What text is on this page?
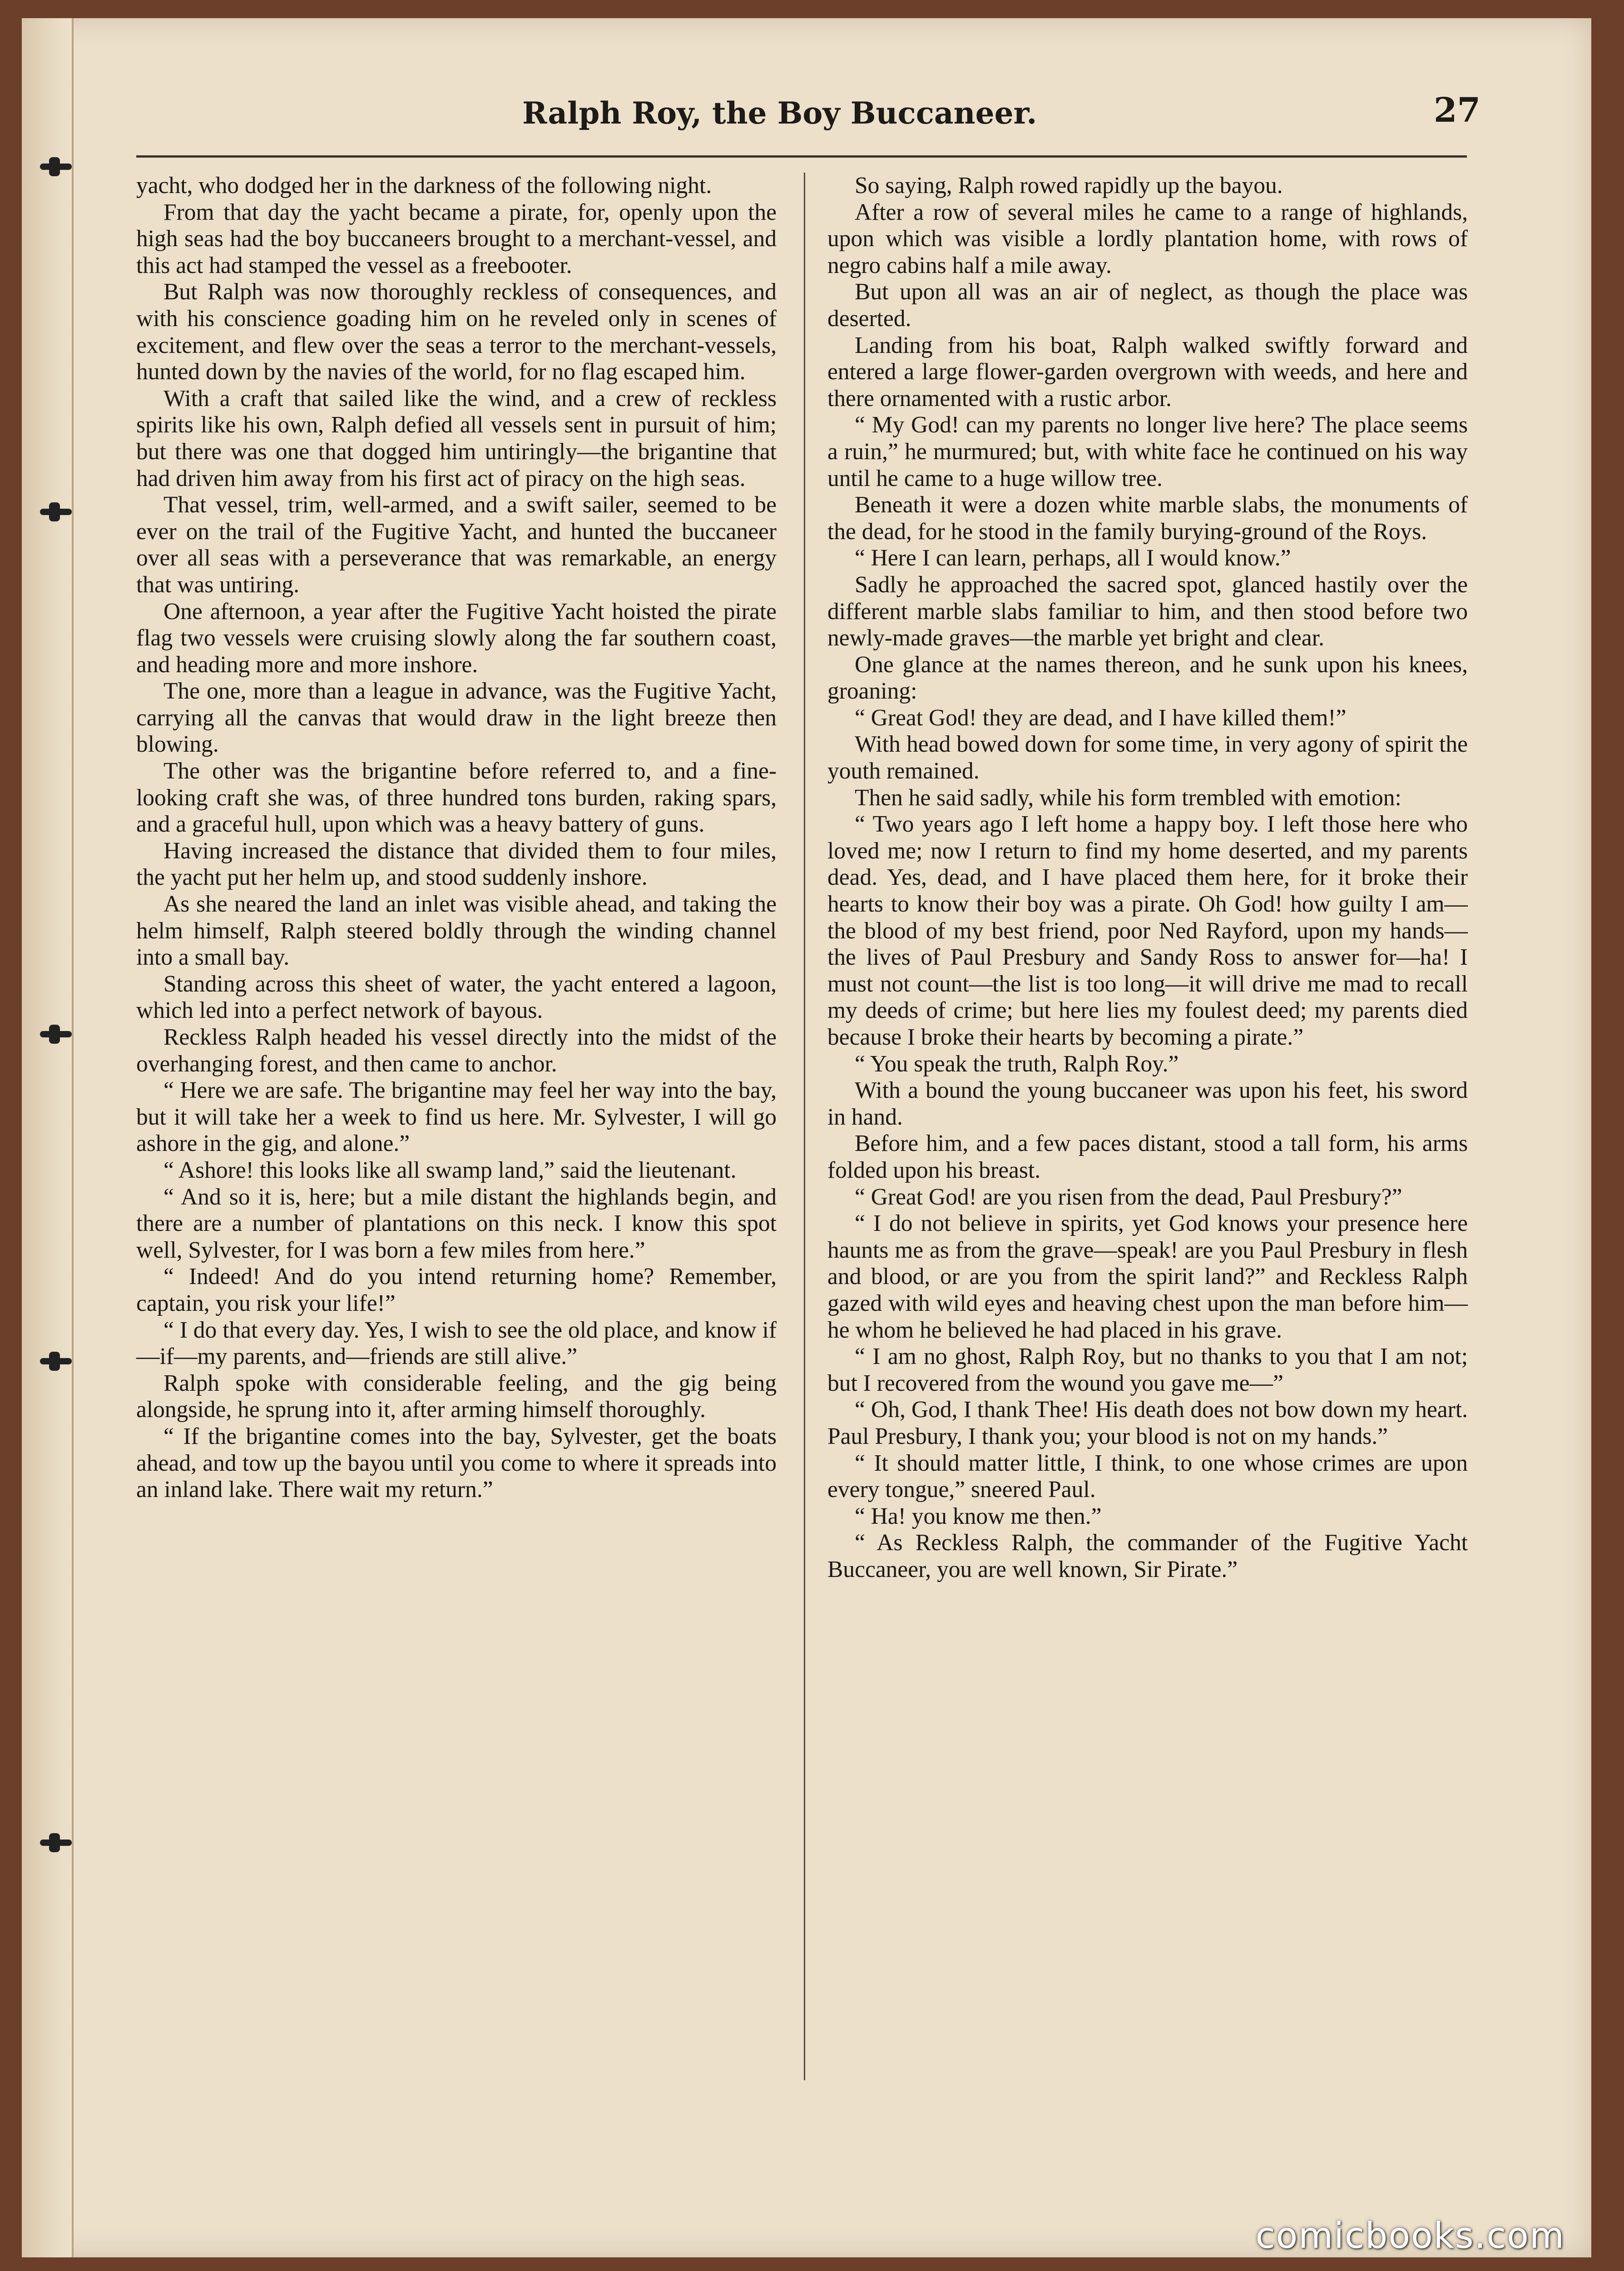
Ralph Roy, the Boy Buccaneer.	27

yacht, who dodged her in the darkness of the following night.

From that day the yacht became a pirate, for, openly upon the high seas had the boy buccaneers brought to a merchant-vessel, and this act had stamped the vessel as a freebooter.

But Ralph was now thoroughly reckless of consequences, and with his conscience goading him on he reveled only in scenes of excitement, and flew over the seas a terror to the merchant-vessels, hunted down by the navies of the world, for no flag escaped him.

With a craft that sailed like the wind, and a crew of reckless spirits like his own, Ralph defied all vessels sent in pursuit of him; but there was one that dogged him untiringly—the brigantine that had driven him away from his first act of piracy on the high seas.

That vessel, trim, well-armed, and a swift sailer, seemed to be ever on the trail of the Fugitive Yacht, and hunted the buccaneer over all seas with a perseverance that was remarkable, an energy that was untiring.

One afternoon, a year after the Fugitive Yacht hoisted the pirate flag two vessels were cruising slowly along the far southern coast, and heading more and more inshore.

The one, more than a league in advance, was the Fugitive Yacht, carrying all the canvas that would draw in the light breeze then blowing.

The other was the brigantine before referred to, and a fine-looking craft she was, of three hundred tons burden, raking spars, and a graceful hull, upon which was a heavy battery of guns.

Having increased the distance that divided them to four miles, the yacht put her helm up, and stood suddenly inshore.

As she neared the land an inlet was visible ahead, and taking the helm himself, Ralph steered boldly through the winding channel into a small bay.

Standing across this sheet of water, the yacht entered a lagoon, which led into a perfect network of bayous.

Reckless Ralph headed his vessel directly into the midst of the overhanging forest, and then came to anchor.

“ Here we are safe. The brigantine may feel her way into the bay, but it will take her a week to find us here. Mr. Sylvester, I will go ashore in the gig, and alone.”

“ Ashore! this looks like all swamp land,” said the lieutenant.

“ And so it is, here; but a mile distant the highlands begin, and there are a number of plantations on this neck. I know this spot well, Sylvester, for I was born a few miles from here.”

“ Indeed! And do you intend returning home? Remember, captain, you risk your life!”

“ I do that every day. Yes, I wish to see the old place, and know if—if—my parents, and—friends are still alive.”

Ralph spoke with considerable feeling, and the gig being alongside, he sprung into it, after arming himself thoroughly.

“ If the brigantine comes into the bay, Sylvester, get the boats ahead, and tow up the bayou until you come to where it spreads into an inland lake. There wait my return.”

So saying, Ralph rowed rapidly up the bayou.

After a row of several miles he came to a range of highlands, upon which was visible a lordly plantation home, with rows of negro cabins half a mile away.

But upon all was an air of neglect, as though the place was deserted.

Landing from his boat, Ralph walked swiftly forward and entered a large flower-garden overgrown with weeds, and here and there ornamented with a rustic arbor.

“ My God! can my parents no longer live here? The place seems a ruin,” he murmured; but, with white face he continued on his way until he came to a huge willow tree.

Beneath it were a dozen white marble slabs, the monuments of the dead, for he stood in the family burying-ground of the Roys.

“ Here I can learn, perhaps, all I would know.”

Sadly he approached the sacred spot, glanced hastily over the different marble slabs familiar to him, and then stood before two newly-made graves—the marble yet bright and clear.

One glance at the names thereon, and he sunk upon his knees, groaning:

“ Great God! they are dead, and I have killed them!”

With head bowed down for some time, in very agony of spirit the youth remained.

Then he said sadly, while his form trembled with emotion:

“ Two years ago I left home a happy boy. I left those here who loved me; now I return to find my home deserted, and my parents dead. Yes, dead, and I have placed them here, for it broke their hearts to know their boy was a pirate. Oh God! how guilty I am—the blood of my best friend, poor Ned Rayford, upon my hands—the lives of Paul Presbury and Sandy Ross to answer for—ha! I must not count—the list is too long—it will drive me mad to recall my deeds of crime; but here lies my foulest deed; my parents died because I broke their hearts by becoming a pirate.”

“ You speak the truth, Ralph Roy.”

With a bound the young buccaneer was upon his feet, his sword in hand.

Before him, and a few paces distant, stood a tall form, his arms folded upon his breast.

“ Great God! are you risen from the dead, Paul Presbury?”

“ I do not believe in spirits, yet God knows your presence here haunts me as from the grave—speak! are you Paul Presbury in flesh and blood, or are you from the spirit land?” and Reckless Ralph gazed with wild eyes and heaving chest upon the man before him—he whom he believed he had placed in his grave.

“ I am no ghost, Ralph Roy, but no thanks to you that I am not; but I recovered from the wound you gave me—”

“ Oh, God, I thank Thee! His death does not bow down my heart. Paul Presbury, I thank you; your blood is not on my hands.”

“ It should matter little, I think, to one whose crimes are upon every tongue,” sneered Paul.

“ Ha! you know me then.”

“ As Reckless Ralph, the commander of the Fugitive Yacht Buccaneer, you are well known, Sir Pirate.”

comicbooks.com
